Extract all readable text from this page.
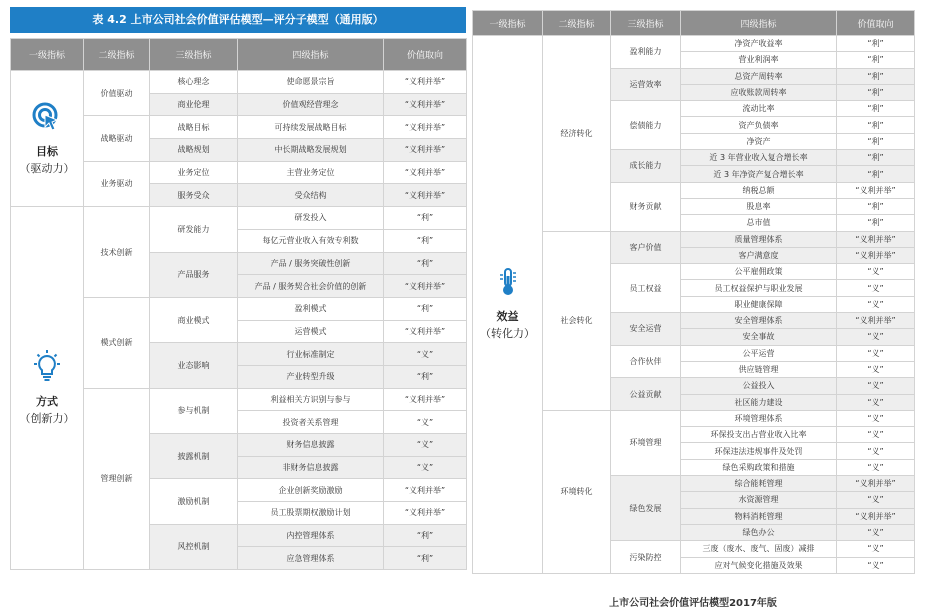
表 4.2 上市公司社会价值评估模型—评分子模型（通用版）
一级指标	二级指标	三级指标	四级指标	价值取向

目标
（驱动力）	价值驱动	核心理念	使命愿景宗旨	“义利并举”
		商业伦理	价值观经营理念	“义利并举”
	战略驱动	战略目标	可持续发展战略目标	“义利并举”
		战略规划	中长期战略发展规划	“义利并举”
	业务驱动	业务定位	主营业务定位	“义利并举”
		服务受众	受众结构	“义利并举”

方式
（创新力）	技术创新	研发能力	研发投入	“利”
			每亿元营业收入有效专利数	“利”
		产品服务	产品 / 服务突破性创新	“利”
			产品 / 服务契合社会价值的创新	“义利并举”
	模式创新	商业模式	盈利模式	“利”
			运营模式	“义利并举”
		业态影响	行业标准制定	“义”
			产业转型升级	“利”
	管理创新	参与机制	利益相关方识别与参与	“义利并举”
			投资者关系管理	“义”
		披露机制	财务信息披露	“义”
			非财务信息披露	“义”
		激励机制	企业创新奖励激励	“义利并举”
			员工股票期权激励计划	“义利并举”
		风控机制	内控管理体系	“利”
			应急管理体系	“利”
一级指标	二级指标	三级指标	四级指标	价值取向

效益
（转化力）	经济转化	盈利能力	净资产收益率	“利”
			营业利润率	“利”
		运营效率	总资产周转率	“利”
			应收账款周转率	“利”
		偿债能力	流动比率	“利”
			资产负债率	“利”
			净资产	“利”
		成长能力	近 3 年营业收入复合增长率	“利”
			近 3 年净资产复合增长率	“利”
		财务贡献	纳税总额	“义利并举”
			股息率	“利”
			总市值	“利”
	社会转化	客户价值	质量管理体系	“义利并举”
			客户满意度	“义利并举”
		员工权益	公平雇佣政策	“义”
			员工权益保护与职业发展	“义”
			职业健康保障	“义”
		安全运营	安全管理体系	“义利并举”
			安全事故	“义”
		合作伙伴	公平运营	“义”
			供应链管理	“义”
		公益贡献	公益投入	“义”
			社区能力建设	“义”
	环境转化	环境管理	环境管理体系	“义”
			环保投支出占营业收入比率	“义”
			环保违法违规事件及处罚	“义”
			绿色采购政策和措施	“义”
		绿色发展	综合能耗管理	“义利并举”
			水资源管理	“义”
			物料消耗管理	“义利并举”
			绿色办公	“义”
		污染防控	三废（废水、废气、固废）减排	“义”
			应对气候变化措施及效果	“义”
上市公司社会价值评估模型2017年版
